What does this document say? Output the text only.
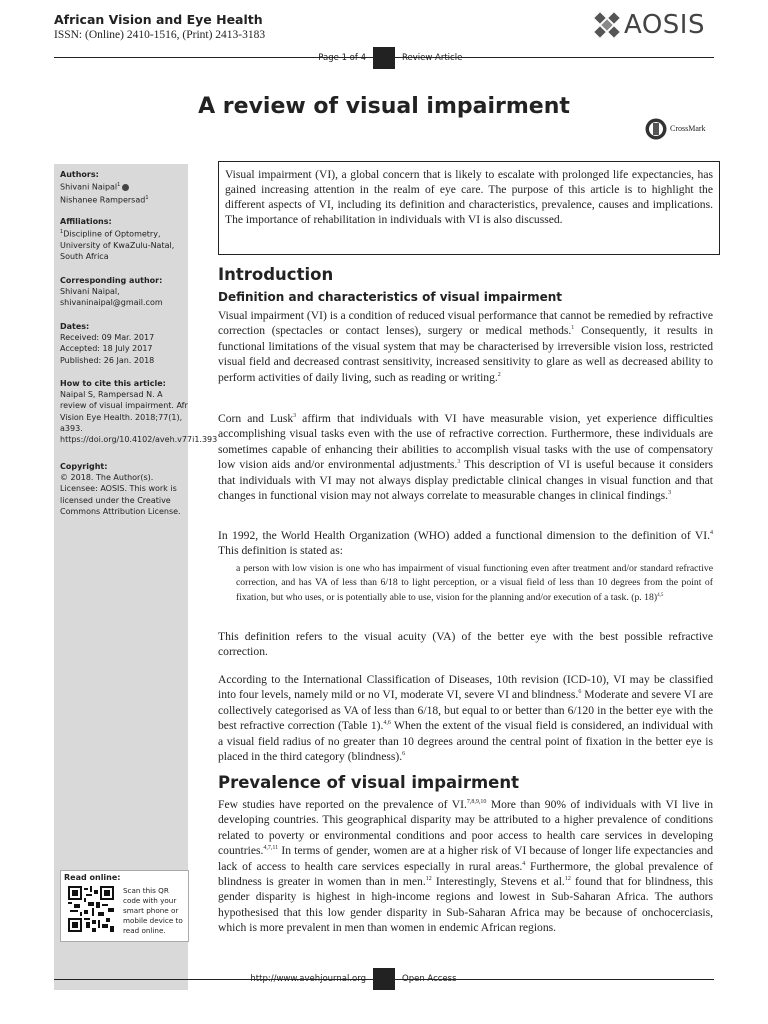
African Vision and Eye Health
ISSN: (Online) 2410-1516, (Print) 2413-3183	AOSIS
Page 1 of 4	Review Article
A review of visual impairment
CrossMark
Authors:
Shivani Naipal$^1$
Nishanee Rampersad$^1$
Affiliations:
$^1$Discipline of Optometry, University of KwaZulu-Natal, South Africa
Corresponding author:
Shivani Naipal,
shivaninaipal@gmail.com
Dates:
Received: 09 Mar. 2017
Accepted: 18 July 2017
Published: 26 Jan. 2018
How to cite this article:
Naipal S, Rampersad N. A review of visual impairment. Afr Vision Eye Health. 2018;77(1), a393. https://doi.org/10.4102/aveh.v77i1.393
Copyright:
© 2018. The Author(s). Licensee: AOSIS. This work is licensed under the Creative Commons Attribution License.
Read online:
Scan this QR code with your smart phone or mobile device to read online.
Visual impairment (VI), a global concern that is likely to escalate with prolonged life expectancies, has gained increasing attention in the realm of eye care. The purpose of this article is to highlight the different aspects of VI, including its definition and characteristics, prevalence, causes and implications. The importance of rehabilitation in individuals with VI is also discussed.
Introduction
Definition and characteristics of visual impairment
Visual impairment (VI) is a condition of reduced visual performance that cannot be remedied by refractive correction (spectacles or contact lenses), surgery or medical methods.$^1$ Consequently, it results in functional limitations of the visual system that may be characterised by irreversible vision loss, restricted visual field and decreased contrast sensitivity, increased sensitivity to glare as well as decreased ability to perform activities of daily living, such as reading or writing.$^2$
Corn and Lusk$^3$ affirm that individuals with VI have measurable vision, yet experience difficulties accomplishing visual tasks even with the use of refractive correction. Furthermore, these individuals are sometimes capable of enhancing their abilities to accomplish visual tasks with the use of compensatory low vision aids and/or environmental adjustments.$^3$ This description of VI is useful because it considers that individuals with VI may not always display predictable clinical changes in visual function and that changes in functional vision may not always correlate to measurable changes in clinical findings.$^3$
In 1992, the World Health Organization (WHO) added a functional dimension to the definition of VI.$^4$ This definition is stated as:
a person with low vision is one who has impairment of visual functioning even after treatment and/or standard refractive correction, and has VA of less than 6/18 to light perception, or a visual field of less than 10 degrees from the point of fixation, but who uses, or is potentially able to use, vision for the planning and/or execution of a task. (p. 18)$^{4,5}$
This definition refers to the visual acuity (VA) of the better eye with the best possible refractive correction.
According to the International Classification of Diseases, 10th revision (ICD-10), VI may be classified into four levels, namely mild or no VI, moderate VI, severe VI and blindness.$^6$ Moderate and severe VI are collectively categorised as VA of less than 6/18, but equal to or better than 6/120 in the better eye with the best refractive correction (Table 1).$^{4,6}$ When the extent of the visual field is considered, an individual with a visual field radius of no greater than 10 degrees around the central point of fixation in the better eye is placed in the third category (blindness).$^6$
Prevalence of visual impairment
Few studies have reported on the prevalence of VI.$^{7,8,9,10}$ More than 90% of individuals with VI live in developing countries. This geographical disparity may be attributed to a higher prevalence of conditions related to poverty or environmental conditions and poor access to health care services in developing countries.$^{4,7,11}$ In terms of gender, women are at a higher risk of VI because of longer life expectancies and lack of access to health care services especially in rural areas.$^4$ Furthermore, the global prevalence of blindness is greater in women than in men.$^{12}$ Interestingly, Stevens et al.$^{12}$ found that for blindness, this gender disparity is highest in high-income regions and lowest in Sub-Saharan Africa. The authors hypothesised that this low gender disparity in Sub-Saharan Africa may be because of onchocerciasis, which is more prevalent in men than women in endemic African regions.
http://www.avehjournal.org	Open Access
